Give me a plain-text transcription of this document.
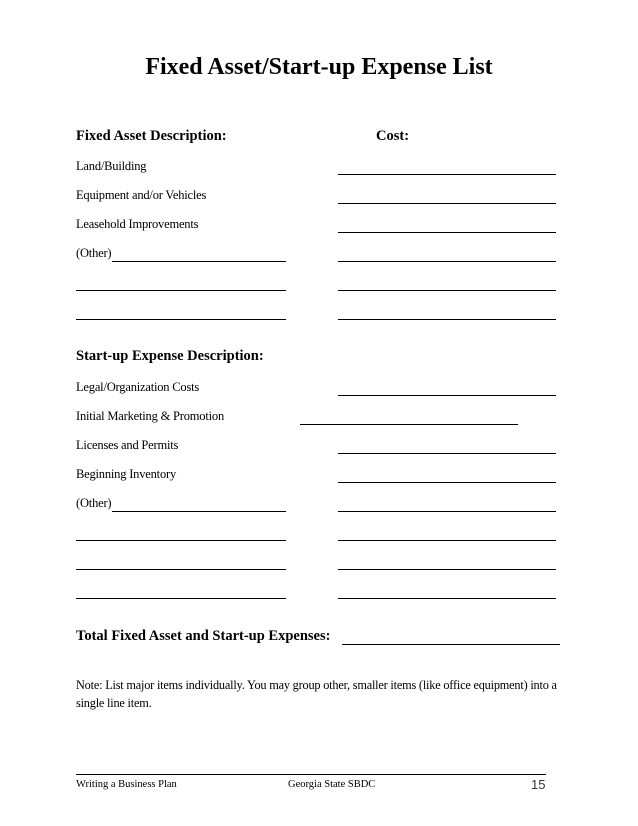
Fixed Asset/Start-up Expense List
Fixed Asset Description:	Cost:
Land/Building
Equipment and/or Vehicles
Leasehold Improvements
(Other)
Start-up Expense Description:
Legal/Organization Costs
Initial Marketing & Promotion
Licenses and Permits
Beginning Inventory
(Other)
Total Fixed Asset and Start-up Expenses:
Note: List major items individually. You may group other, smaller items (like office equipment) into a single line item.
Writing a Business Plan	Georgia State SBDC	15
